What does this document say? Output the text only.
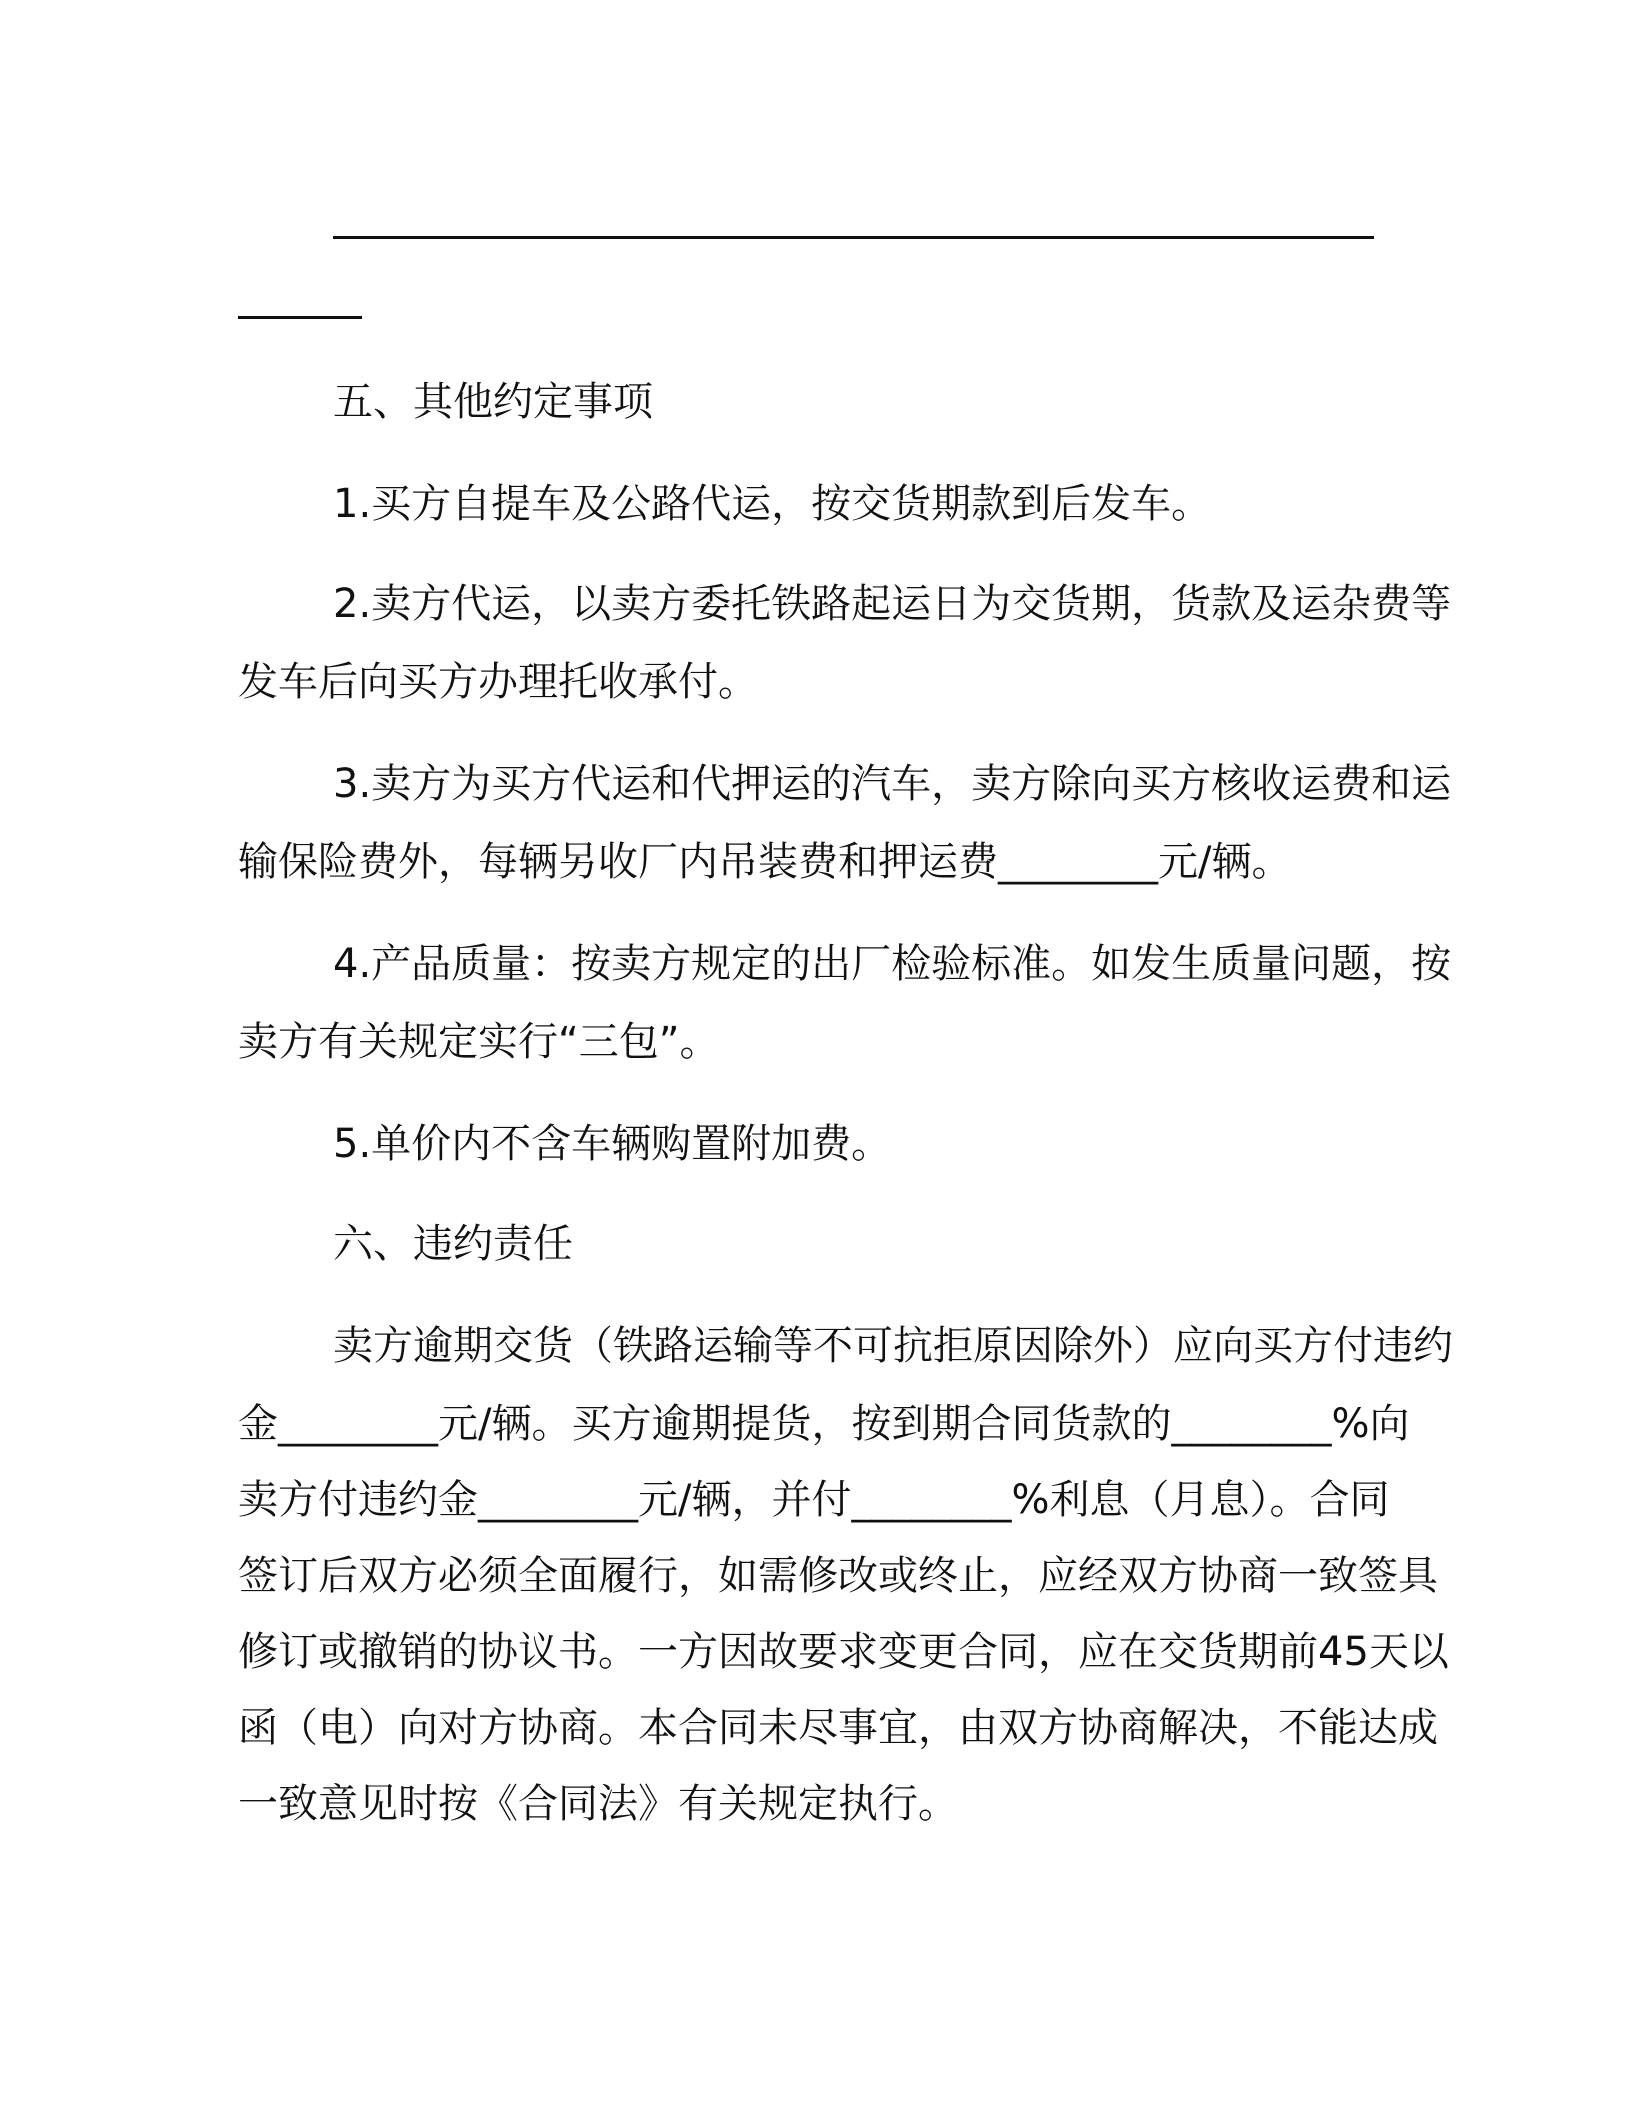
五、其他约定事项

1.买方自提车及公路代运，按交货期款到后发车。

2.卖方代运，以卖方委托铁路起运日为交货期，货款及运杂费等

发车后向买方办理托收承付。

3.卖方为买方代运和代押运的汽车，卖方除向买方核收运费和运

输保险费外，每辆另收厂内吊装费和押运费________元/辆。

4.产品质量：按卖方规定的出厂检验标准。如发生质量问题，按

卖方有关规定实行“三包”。

5.单价内不含车辆购置附加费。

六、违约责任

卖方逾期交货（铁路运输等不可抗拒原因除外）应向买方付违约

金________元/辆。买方逾期提货，按到期合同货款的________%向

卖方付违约金________元/辆，并付________%利息（月息）。合同

签订后双方必须全面履行，如需修改或终止，应经双方协商一致签具

修订或撤销的协议书。一方因故要求变更合同，应在交货期前45天以

函（电）向对方协商。本合同未尽事宜，由双方协商解决，不能达成

一致意见时按《合同法》有关规定执行。
